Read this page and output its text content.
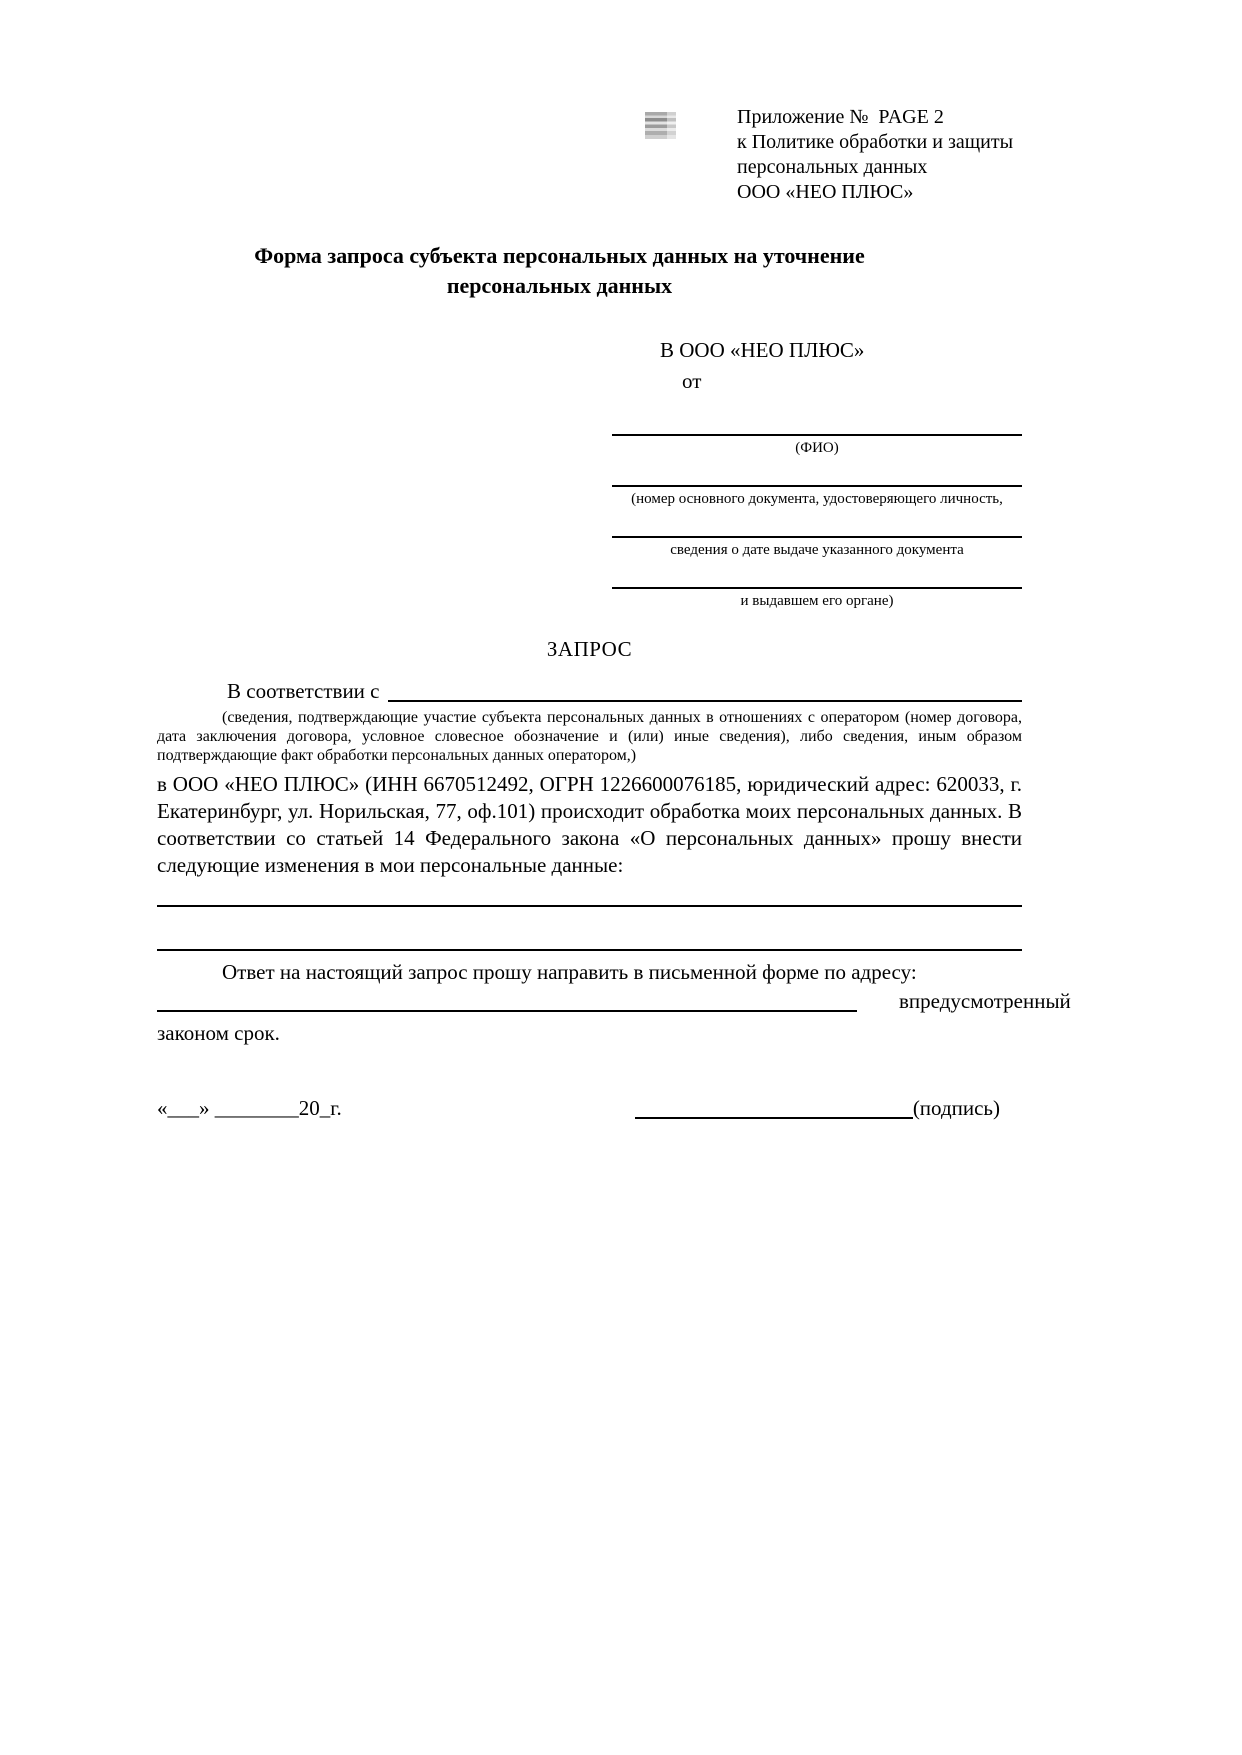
Приложение №  PAGE 2
к Политике обработки и защиты
персональных данных
ООО «НЕО ПЛЮС»
Форма запроса субъекта персональных данных на уточнение
персональных данных
В ООО «НЕО ПЛЮС»
от
(ФИО)
(номер основного документа, удостоверяющего личность,
сведения о дате выдаче указанного документа
и выдавшем его органе)
ЗАПРОС
В соответствии с
(сведения, подтверждающие участие субъекта персональных данных в отношениях с оператором (номер договора, дата заключения договора, условное словесное обозначение и (или) иные сведения), либо сведения, иным образом подтверждающие факт обработки персональных данных оператором,)
в ООО «НЕО ПЛЮС» (ИНН 6670512492, ОГРН 1226600076185, юридический адрес: 620033, г. Екатеринбург, ул. Норильская, 77, оф.101) происходит обработка моих персональных данных. В соответствии со статьей 14 Федерального закона «О персональных данных» прошу внести следующие изменения в мои персональные данные:
Ответ на настоящий запрос прошу направить в письменной форме по адресу:
в предусмотренный
законом срок.
«___» ________20_г.	(подпись)
